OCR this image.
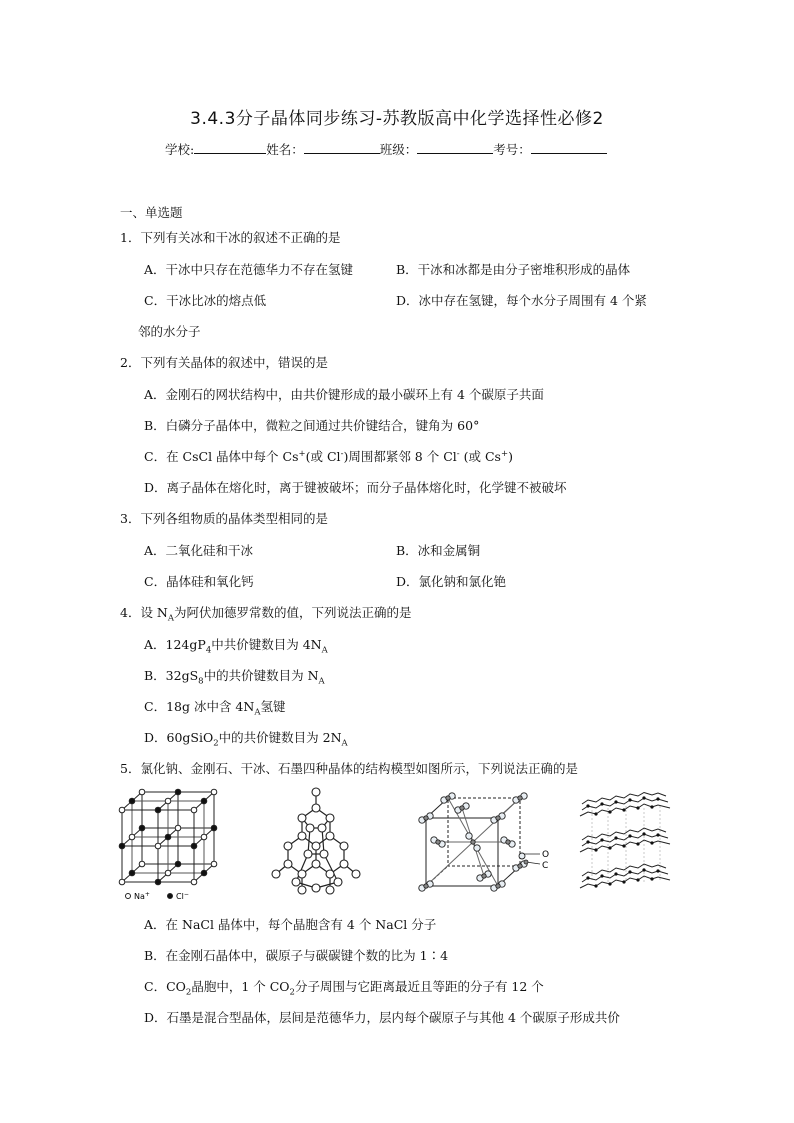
3.4.3分子晶体同步练习-苏教版高中化学选择性必修2
学校:	姓名：	班级：	考号：
一、单选题
1．下列有关冰和干冰的叙述不正确的是
A．干冰中只存在范德华力不存在氢键	B．干冰和冰都是由分子密堆积形成的晶体
C．干冰比冰的熔点低	D．冰中存在氢键，每个水分子周围有 4 个紧
邻的水分子
2．下列有关晶体的叙述中，错误的是
A．金刚石的网状结构中，由共价键形成的最小碳环上有 4 个碳原子共面
B．白磷分子晶体中，微粒之间通过共价键结合，键角为 60°
C．在 CsCl 晶体中每个 Cs+(或 Cl-)周围都紧邻 8 个 Cl- (或 Cs+)
D．离子晶体在熔化时，离于键被破坏；而分子晶体熔化时，化学键不被破坏
3．下列各组物质的晶体类型相同的是
A．二氧化硅和干冰	B．冰和金属铜
C．晶体硅和氧化钙	D．氯化钠和氯化铯
4．设 $N_A$为阿伏加德罗常数的值，下列说法正确的是
A．$124gP_4$中共价键数目为 $4N_A$
B．$32gS_8$中的共价键数目为 $N_A$
C．18g 冰中含 $4N_A$氢键
D．60gSiO$_2$中的共价键数目为 $2N_A$
5．氯化钠、金刚石、干冰、石墨四种晶体的结构模型如图所示，下列说法正确的是
Na+	Cl−
O
C
A．在 NaCl 晶体中，每个晶胞含有 4 个 NaCl 分子
B．在金刚石晶体中，碳原子与碳碳键个数的比为 1∶4
C．$CO_2$晶胞中，1 个 $CO_2$分子周围与它距离最近且等距的分子有 12 个
D．石墨是混合型晶体，层间是范德华力，层内每个碳原子与其他 4 个碳原子形成共价
